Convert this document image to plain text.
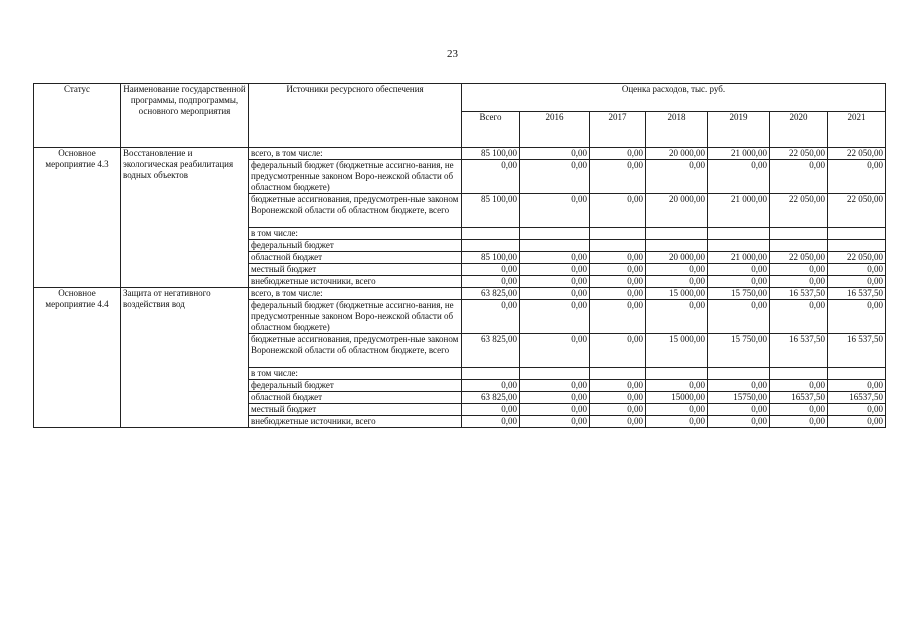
23
Статус	Наименование государственной программы, подпрограммы, основного мероприятия	Источники ресурсного обеспечения	Оценка расходов, тыс. руб.						
			Всего	2016	2017	2018	2019	2020	2021
Основное мероприятие 4.3	Восстановление и экологическая реабилитация водных объектов	всего, в том числе:	85 100,00	0,00	0,00	20 000,00	21 000,00	22 050,00	22 050,00
		федеральный бюджет (бюджетные ассигно-вания, не предусмотренные законом Воро-нежской области об областном бюджете)	0,00	0,00	0,00	0,00	0,00	0,00	0,00
		бюджетные ассигнования, предусмотрен-ные законом Воронежской области об областном бюджете, всего	85 100,00	0,00	0,00	20 000,00	21 000,00	22 050,00	22 050,00
		в том числе:							
		федеральный бюджет							
		областной бюджет	85 100,00	0,00	0,00	20 000,00	21 000,00	22 050,00	22 050,00
		местный бюджет	0,00	0,00	0,00	0,00	0,00	0,00	0,00
		внебюджетные источники, всего	0,00	0,00	0,00	0,00	0,00	0,00	0,00
Основное мероприятие 4.4	Защита от негативного воздействия вод	всего, в том числе:	63 825,00	0,00	0,00	15 000,00	15 750,00	16 537,50	16 537,50
		федеральный бюджет (бюджетные ассигно-вания, не предусмотренные законом Воро-нежской области об областном бюджете)	0,00	0,00	0,00	0,00	0,00	0,00	0,00
		бюджетные ассигнования, предусмотрен-ные законом Воронежской области об областном бюджете, всего	63 825,00	0,00	0,00	15 000,00	15 750,00	16 537,50	16 537,50
		в том числе:							
		федеральный бюджет	0,00	0,00	0,00	0,00	0,00	0,00	0,00
		областной бюджет	63 825,00	0,00	0,00	15000,00	15750,00	16537,50	16537,50
		местный бюджет	0,00	0,00	0,00	0,00	0,00	0,00	0,00
		внебюджетные источники, всего	0,00	0,00	0,00	0,00	0,00	0,00	0,00
